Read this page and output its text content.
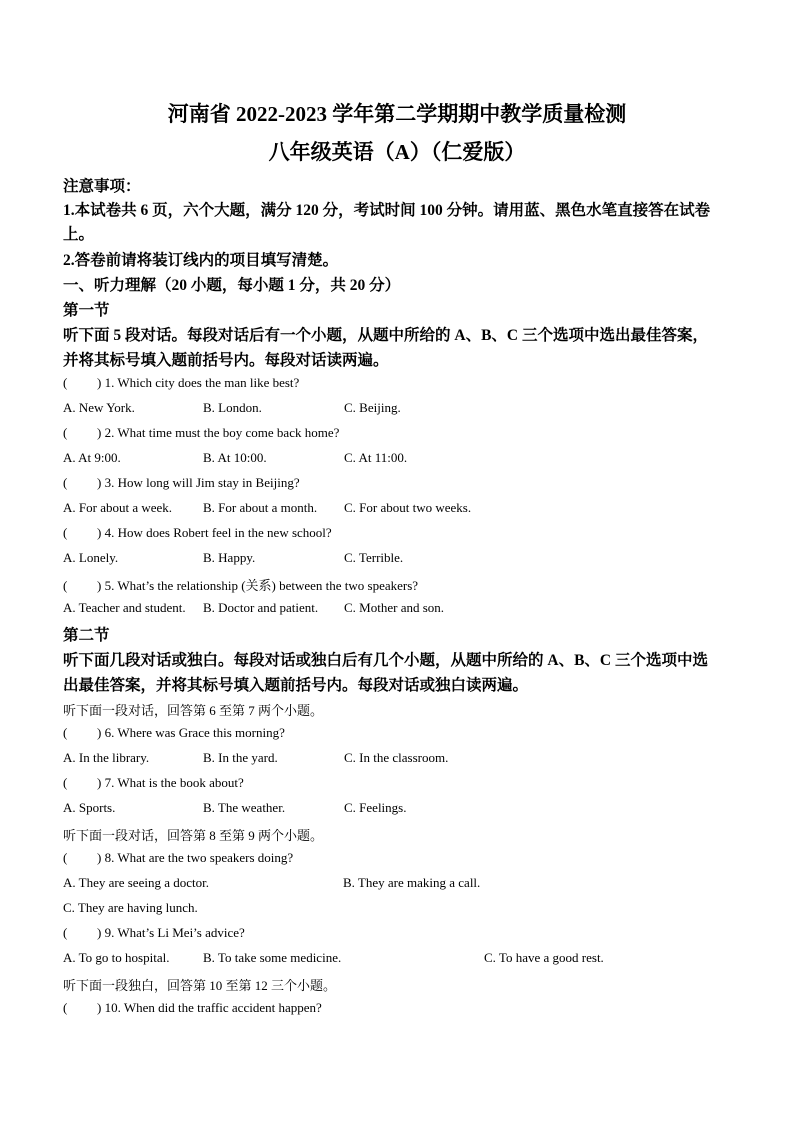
河南省 2022-2023 学年第二学期期中教学质量检测
八年级英语（A）（仁爱版）
注意事项：
1.本试卷共 6 页，六个大题，满分 120 分，考试时间 100 分钟。请用蓝、黑色水笔直接答在试卷
上。
2.答卷前请将装订线内的项目填写清楚。
一、听力理解（20 小题，每小题 1 分，共 20 分）
第一节
听下面 5 段对话。每段对话后有一个小题，从题中所给的 A、B、C 三个选项中选出最佳答案，
并将其标号填入题前括号内。每段对话读两遍。
( ) 1. Which city does the man like best?
A. New York.	B. London.	C. Beijing.
( ) 2. What time must the boy come back home?
A. At 9:00.	B. At 10:00.	C. At 11:00.
( ) 3. How long will Jim stay in Beijing?
A. For about a week. B. For about a month. C. For about two weeks.
( ) 4. How does Robert feel in the new school?
A. Lonely.	B. Happy.	C. Terrible.
( ) 5. What’s the relationship (关系) between the two speakers?
A. Teacher and student. B. Doctor and patient. C. Mother and son.
第二节
听下面几段对话或独白。每段对话或独白后有几个小题，从题中所给的 A、B、C 三个选项中选
出最佳答案，并将其标号填入题前括号内。每段对话或独白读两遍。
听下面一段对话，回答第 6 至第 7 两个小题。
( ) 6. Where was Grace this morning?
A. In the library.	B. In the yard.	C. In the classroom.
( ) 7. What is the book about?
A. Sports.	B. The weather.	C. Feelings.
听下面一段对话，回答第 8 至第 9 两个小题。
( ) 8. What are the two speakers doing?
A. They are seeing a doctor.	B. They are making a call.
C. They are having lunch.
( ) 9. What’s Li Mei’s advice?
A. To go to hospital.	B. To take some medicine.	C. To have a good rest.
听下面一段独白，回答第 10 至第 12 三个小题。
( ) 10. When did the traffic accident happen?
